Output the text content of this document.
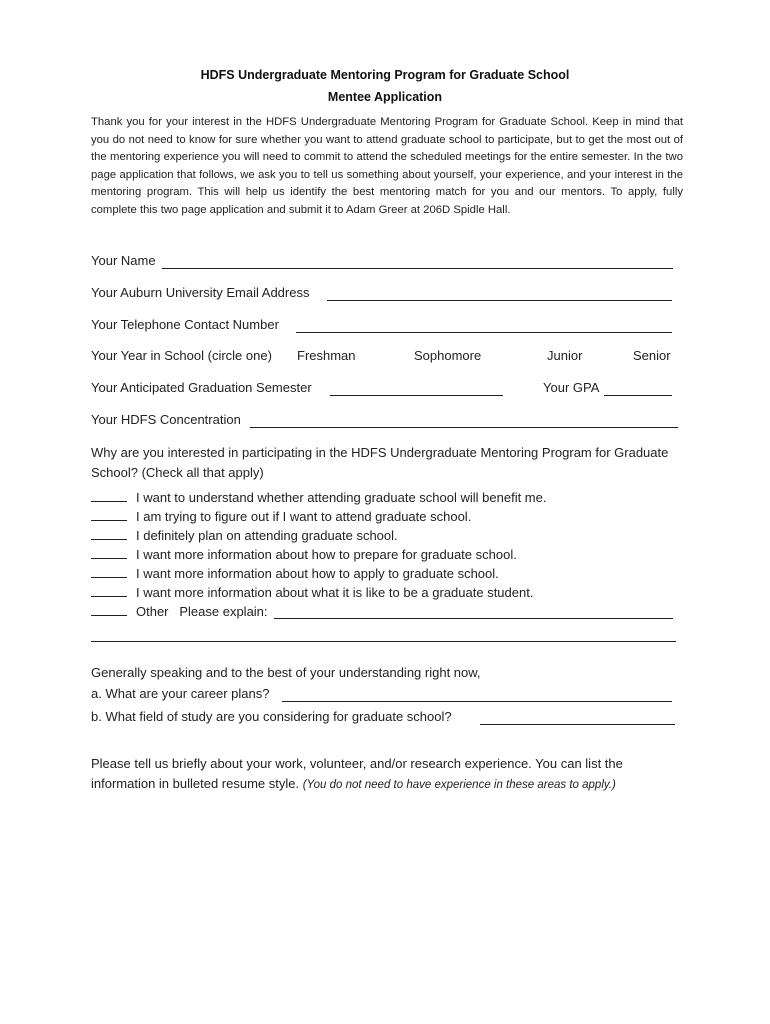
HDFS Undergraduate Mentoring Program for Graduate School
Mentee Application
Thank you for your interest in the HDFS Undergraduate Mentoring Program for Graduate School. Keep in mind that you do not need to know for sure whether you want to attend graduate school to participate, but to get the most out of the mentoring experience you will need to commit to attend the scheduled meetings for the entire semester. In the two page application that follows, we ask you to tell us something about yourself, your experience, and your interest in the mentoring program. This will help us identify the best mentoring match for you and our mentors. To apply, fully complete this two page application and submit it to Adam Greer at 206D Spidle Hall.
Your Name
Your Auburn University Email Address
Your Telephone Contact Number
Your Year in School (circle one) Freshman	Sophomore	Junior	Senior
Your Anticipated Graduation Semester	Your GPA
Your HDFS Concentration
Why are you interested in participating in the HDFS Undergraduate Mentoring Program for Graduate School? (Check all that apply)
I want to understand whether attending graduate school will benefit me.
I am trying to figure out if I want to attend graduate school.
I definitely plan on attending graduate school.
I want more information about how to prepare for graduate school.
I want more information about how to apply to graduate school.
I want more information about what it is like to be a graduate student.
Other Please explain:
Generally speaking and to the best of your understanding right now,
a. What are your career plans?
b. What field of study are you considering for graduate school?
Please tell us briefly about your work, volunteer, and/or research experience. You can list the information in bulleted resume style. (You do not need to have experience in these areas to apply.)
